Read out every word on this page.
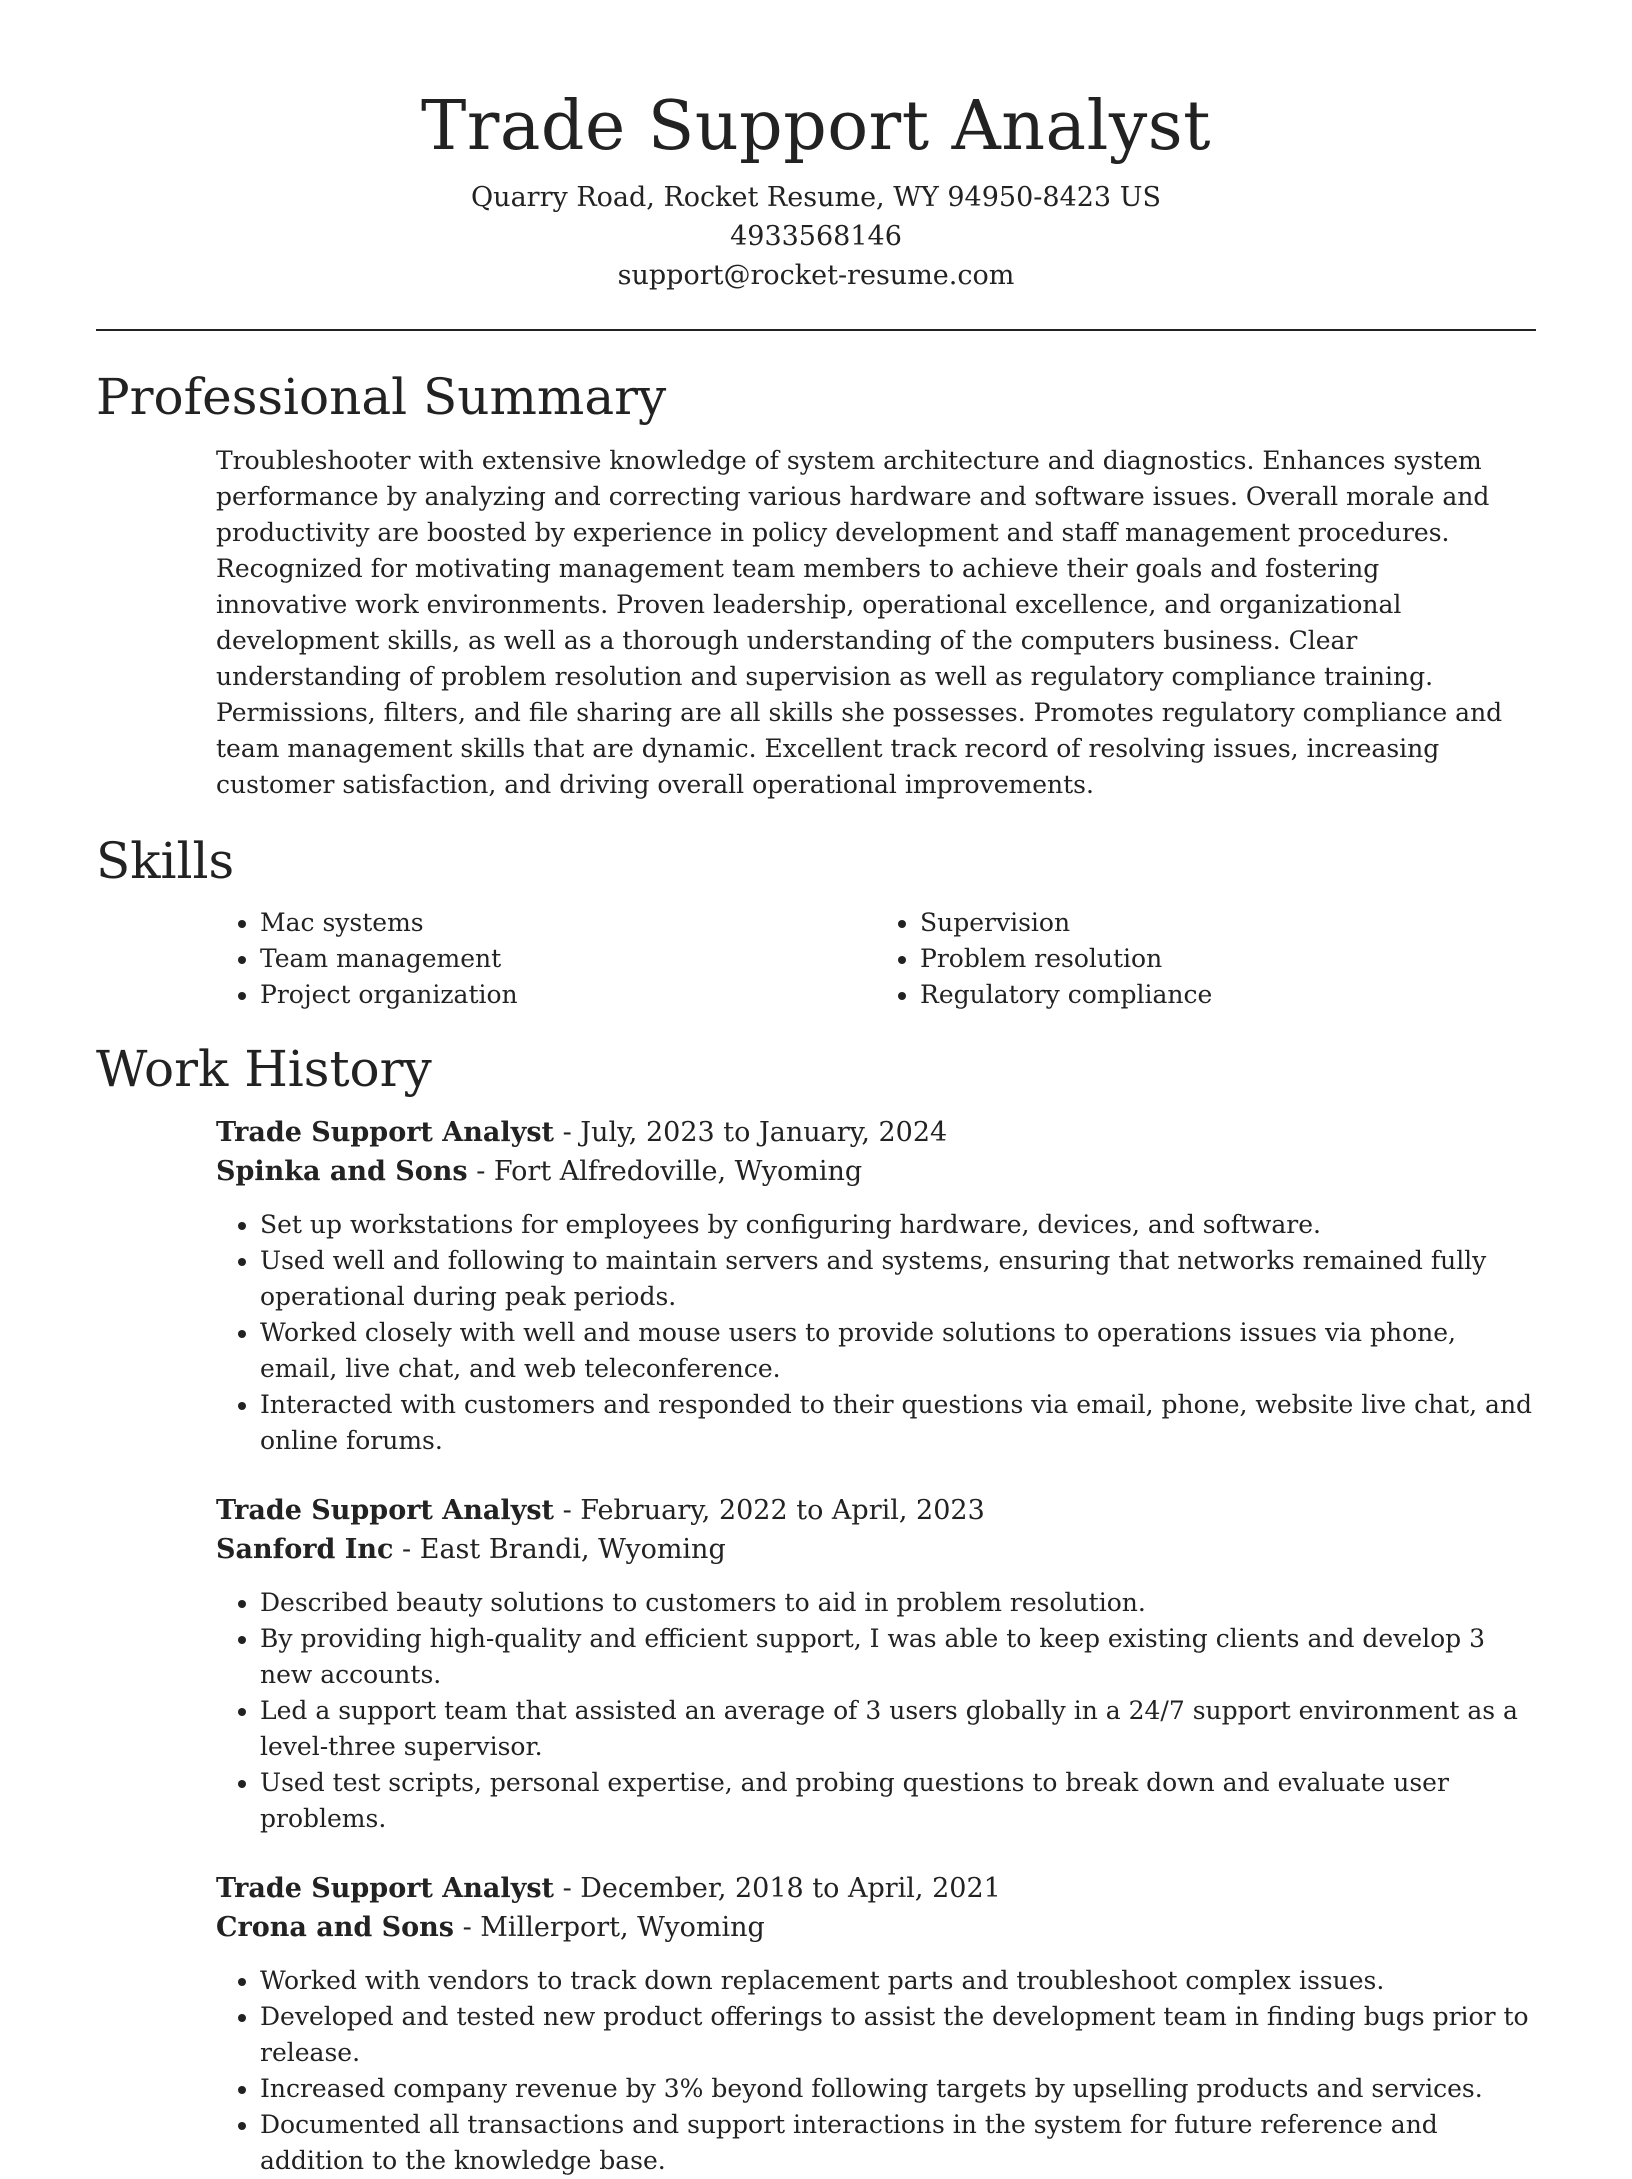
Trade Support Analyst

Quarry Road, Rocket Resume, WY 94950-8423 US

4933568146

support@rocket-resume.com

Professional Summary

Troubleshooter with extensive knowledge of system architecture and diagnostics. Enhances system performance by analyzing and correcting various hardware and software issues. Overall morale and productivity are boosted by experience in policy development and staff management procedures. Recognized for motivating management team members to achieve their goals and fostering innovative work environments. Proven leadership, operational excellence, and organizational development skills, as well as a thorough understanding of the computers business. Clear understanding of problem resolution and supervision as well as regulatory compliance training. Permissions, filters, and file sharing are all skills she possesses. Promotes regulatory compliance and team management skills that are dynamic. Excellent track record of resolving issues, increasing customer satisfaction, and driving overall operational improvements.

Skills
• Mac systems
• Team management
• Project organization
• Supervision
• Problem resolution
• Regulatory compliance
Work History

Trade Support Analyst - July, 2023 to January, 2024

Spinka and Sons - Fort Alfredoville, Wyoming

• Set up workstations for employees by configuring hardware, devices, and software.
• Used well and following to maintain servers and systems, ensuring that networks remained fully operational during peak periods.
• Worked closely with well and mouse users to provide solutions to operations issues via phone, email, live chat, and web teleconference.
• Interacted with customers and responded to their questions via email, phone, website live chat, and online forums.

Trade Support Analyst - February, 2022 to April, 2023

Sanford Inc - East Brandi, Wyoming

• Described beauty solutions to customers to aid in problem resolution.
• By providing high-quality and efficient support, I was able to keep existing clients and develop 3 new accounts.
• Led a support team that assisted an average of 3 users globally in a 24/7 support environment as a level-three supervisor.
• Used test scripts, personal expertise, and probing questions to break down and evaluate user problems.

Trade Support Analyst - December, 2018 to April, 2021

Crona and Sons - Millerport, Wyoming

• Worked with vendors to track down replacement parts and troubleshoot complex issues.
• Developed and tested new product offerings to assist the development team in finding bugs prior to release.
• Increased company revenue by 3% beyond following targets by upselling products and services.
• Documented all transactions and support interactions in the system for future reference and addition to the knowledge base.
